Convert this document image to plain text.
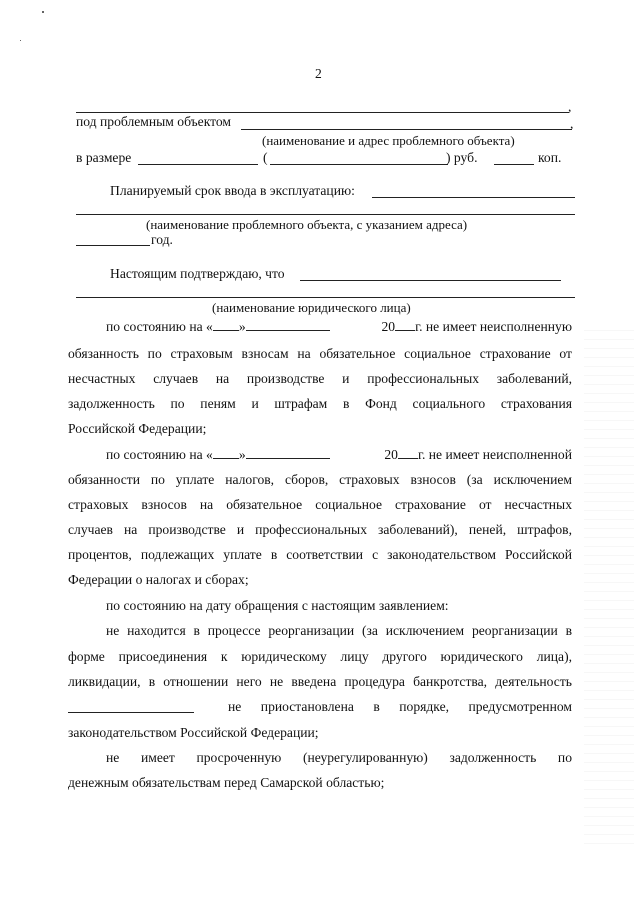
2
,
под проблемным объектом	,
(наименование и адрес проблемного объекта)
в размере	(	) руб.	коп.
Планируемый срок ввода в эксплуатацию:
(наименование проблемного объекта, с указанием адреса)
год.
Настоящим подтверждаю, что
(наименование юридического лица)
по состоянию на « »	20 г. не имеет неисполненную
обязанность по страховым взносам на обязательное социальное страхование от
несчастных случаев на производстве и профессиональных заболеваний,
задолженность по пеням и штрафам в Фонд социального страхования
Российской Федерации;
по состоянию на « »	20 г. не имеет неисполненной
обязанности по уплате налогов, сборов, страховых взносов (за исключением
страховых взносов на обязательное социальное страхование от несчастных
случаев на производстве и профессиональных заболеваний), пеней, штрафов,
процентов, подлежащих уплате в соответствии с законодательством Российской
Федерации о налогах и сборах;
по состоянию на дату обращения с настоящим заявлением:
не находится в процессе реорганизации (за исключением реорганизации в
форме присоединения к юридическому лицу другого юридического лица),
ликвидации, в отношении него не введена процедура банкротства, деятельность
не приостановлена в порядке, предусмотренном
законодательством Российской Федерации;
не имеет просроченную (неурегулированную) задолженность по
денежным обязательствам перед Самарской областью;
